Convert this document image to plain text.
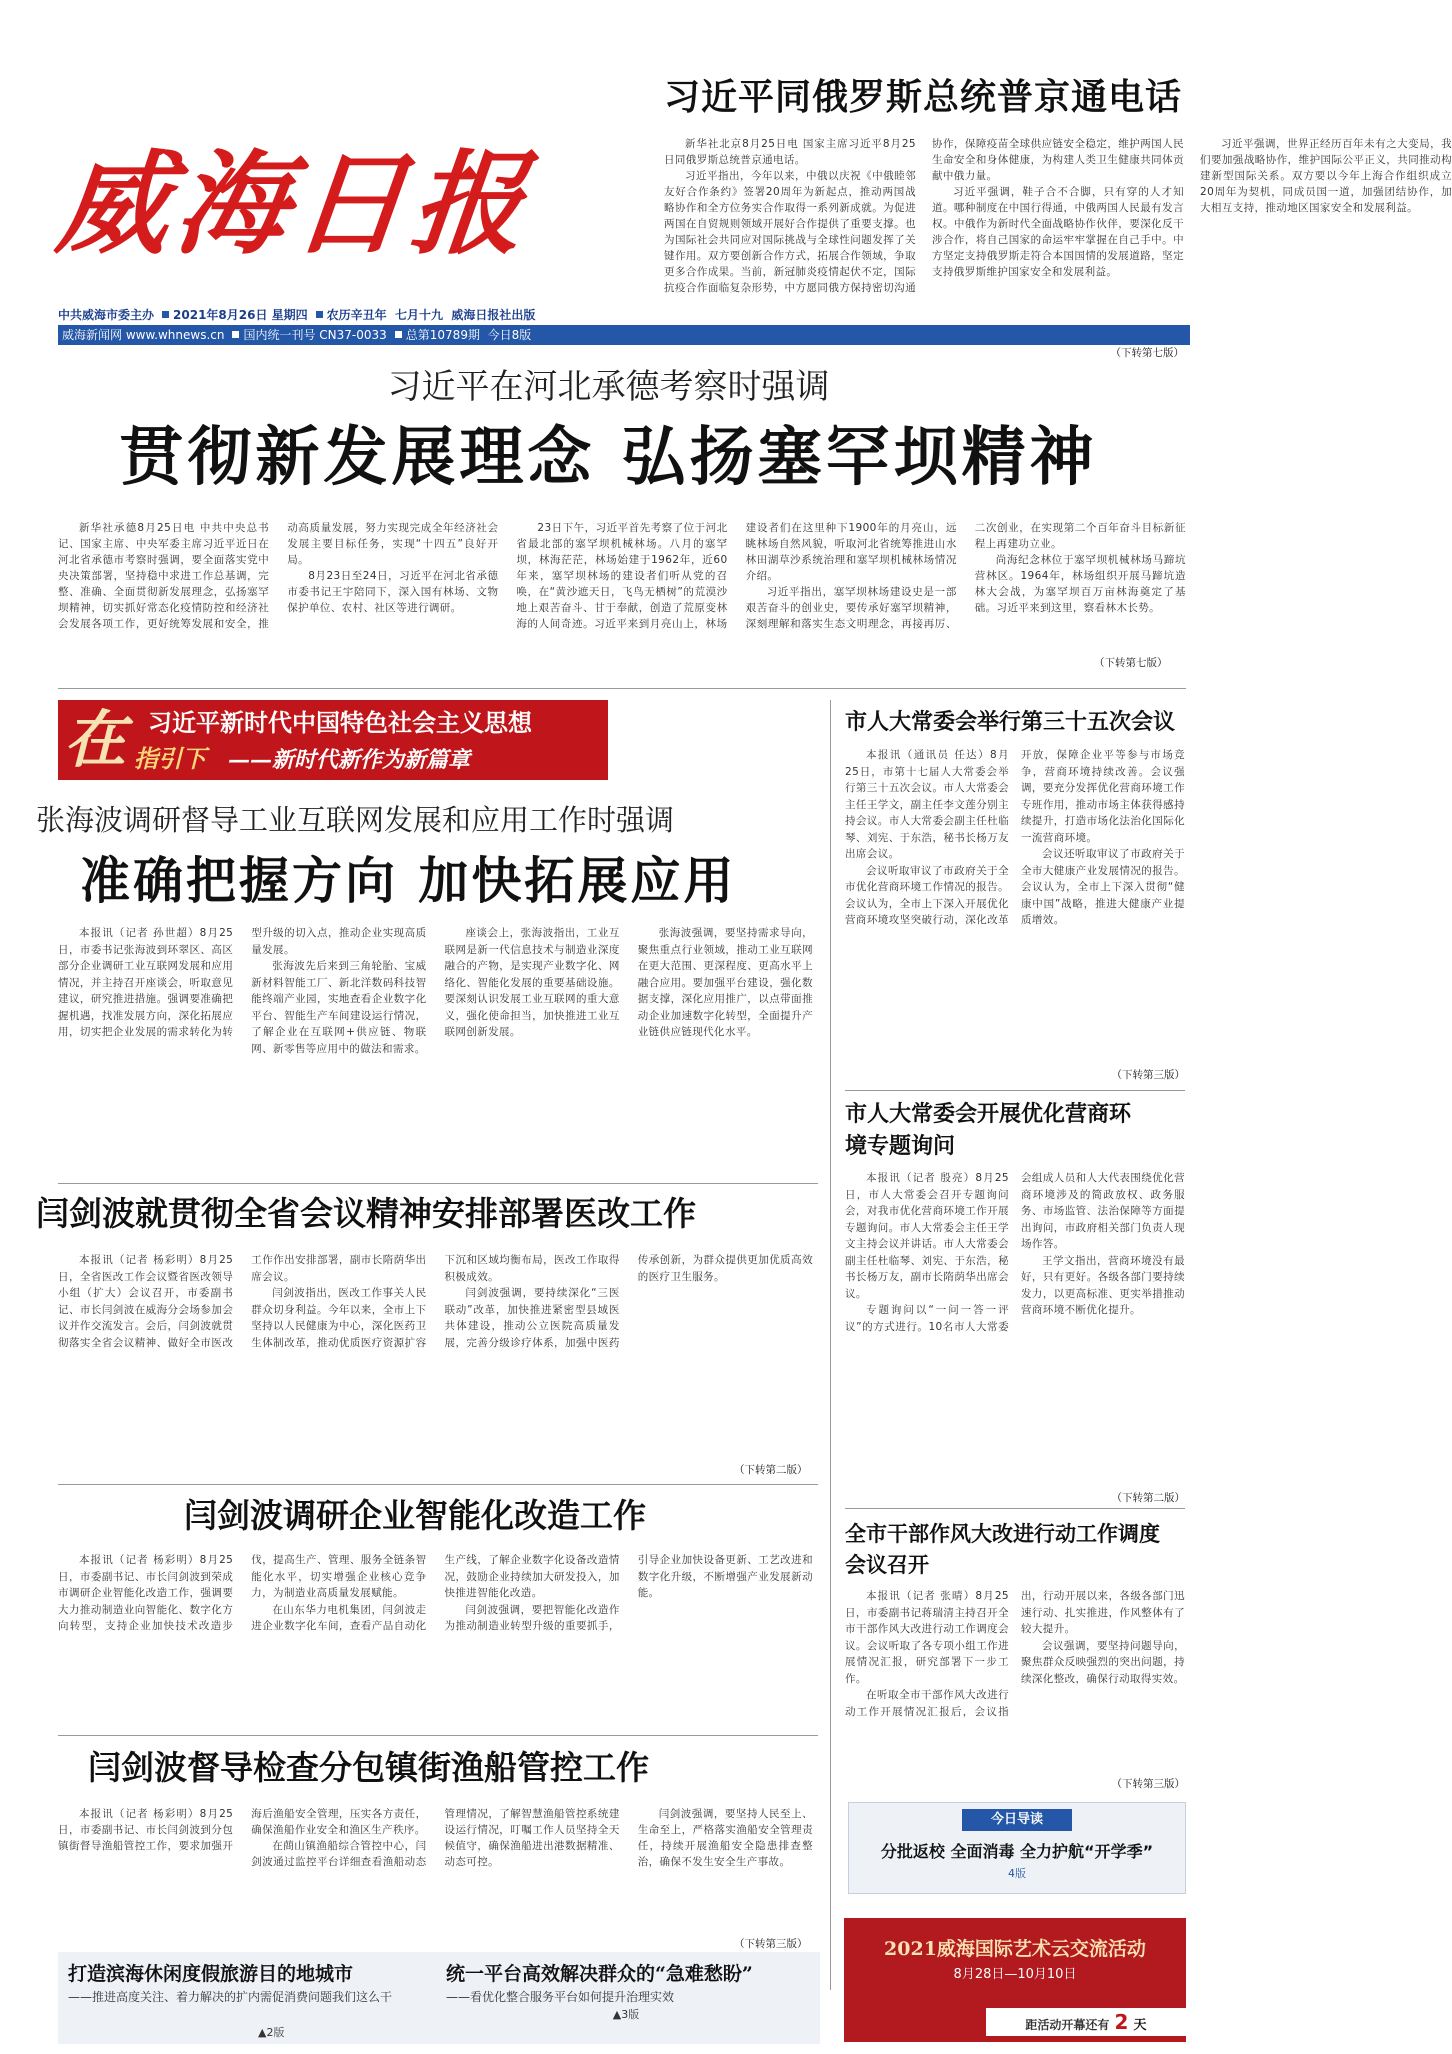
威海日报
习近平同俄罗斯总统普京通电话

新华社北京8月25日电 国家主席习近平8月25日同俄罗斯总统普京通电话。

习近平指出，今年以来，中俄以庆祝《中俄睦邻友好合作条约》签署20周年为新起点，推动两国战略协作和全方位务实合作取得一系列新成就。为促进两国在自贸规则领域开展好合作提供了重要支撑。也为国际社会共同应对国际挑战与全球性问题发挥了关键作用。双方要创新合作方式，拓展合作领域，争取更多合作成果。当前，新冠肺炎疫情起伏不定，国际抗疫合作面临复杂形势，中方愿同俄方保持密切沟通协作，保障疫苗全球供应链安全稳定，维护两国人民生命安全和身体健康，为构建人类卫生健康共同体贡献中俄力量。

习近平强调，鞋子合不合脚，只有穿的人才知道。哪种制度在中国行得通，中俄两国人民最有发言权。中俄作为新时代全面战略协作伙伴，要深化反干涉合作，将自己国家的命运牢牢掌握在自己手中。中方坚定支持俄罗斯走符合本国国情的发展道路，坚定支持俄罗斯维护国家安全和发展利益。

习近平强调，世界正经历百年未有之大变局，我们要加强战略协作，维护国际公平正义，共同推动构建新型国际关系。双方要以今年上海合作组织成立20周年为契机，同成员国一道，加强团结协作，加大相互支持，推动地区国家安全和发展利益。

（下转第七版）
中共威海市委主办 2021年8月26日 星期四 农历辛丑年 七月十九 威海日报社出版
威海新闻网 www.whnews.cn 国内统一刊号 CN37-0033 总第10789期 今日8版
习近平在河北承德考察时强调
贯彻新发展理念 弘扬塞罕坝精神

新华社承德8月25日电 中共中央总书记、国家主席、中央军委主席习近平近日在河北省承德市考察时强调，要全面落实党中央决策部署，坚持稳中求进工作总基调，完整、准确、全面贯彻新发展理念，弘扬塞罕坝精神，切实抓好常态化疫情防控和经济社会发展各项工作，更好统筹发展和安全，推动高质量发展，努力实现完成全年经济社会发展主要目标任务，实现“十四五”良好开局。

8月23日至24日，习近平在河北省承德市委书记王宇陪同下，深入国有林场、文物保护单位、农村、社区等进行调研。

23日下午，习近平首先考察了位于河北省最北部的塞罕坝机械林场。八月的塞罕坝，林海茫茫，林场始建于1962年，近60年来，塞罕坝林场的建设者们听从党的召唤，在“黄沙遮天日，飞鸟无栖树”的荒漠沙地上艰苦奋斗、甘于奉献，创造了荒原变林海的人间奇迹。习近平来到月亮山上，林场建设者们在这里种下1900年的月亮山，远眺林场自然风貌，听取河北省统筹推进山水林田湖草沙系统治理和塞罕坝机械林场情况介绍。

习近平指出，塞罕坝林场建设史是一部艰苦奋斗的创业史，要传承好塞罕坝精神，深刻理解和落实生态文明理念，再接再厉、二次创业，在实现第二个百年奋斗目标新征程上再建功立业。

尚海纪念林位于塞罕坝机械林场马蹄坑营林区。1964年，林场组织开展马蹄坑造林大会战，为塞罕坝百万亩林海奠定了基础。习近平来到这里，察看林木长势。

（下转第七版）
在 习近平新时代中国特色社会主义思想
指引下 ——新时代新作为新篇章
张海波调研督导工业互联网发展和应用工作时强调
准确把握方向 加快拓展应用

本报讯（记者 孙世超）8月25日，市委书记张海波到环翠区、高区部分企业调研工业互联网发展和应用情况，并主持召开座谈会，听取意见建议，研究推进措施。强调要准确把握机遇，找准发展方向，深化拓展应用，切实把企业发展的需求转化为转型升级的切入点，推动企业实现高质量发展。

张海波先后来到三角轮胎、宝威新材料智能工厂、新北洋数码科技智能终端产业园，实地查看企业数字化平台、智能生产车间建设运行情况，了解企业在互联网+供应链、物联网、新零售等应用中的做法和需求。

座谈会上，张海波指出，工业互联网是新一代信息技术与制造业深度融合的产物，是实现产业数字化、网络化、智能化发展的重要基础设施。要深刻认识发展工业互联网的重大意义，强化使命担当，加快推进工业互联网创新发展。

张海波强调，要坚持需求导向，聚焦重点行业领域，推动工业互联网在更大范围、更深程度、更高水平上融合应用。要加强平台建设，强化数据支撑，深化应用推广，以点带面推动企业加速数字化转型，全面提升产业链供应链现代化水平。

市人大常委会举行第三十五次会议

本报讯（通讯员 任达）8月25日，市第十七届人大常委会举行第三十五次会议。市人大常委会主任王学文，副主任李文莲分别主持会议。市人大常委会副主任杜临琴、刘宪、于东浩，秘书长杨万友出席会议。

会议听取审议了市政府关于全市优化营商环境工作情况的报告。会议认为，全市上下深入开展优化营商环境攻坚突破行动，深化改革开放，保障企业平等参与市场竞争，营商环境持续改善。会议强调，要充分发挥优化营商环境工作专班作用，推动市场主体获得感持续提升，打造市场化法治化国际化一流营商环境。

会议还听取审议了市政府关于全市大健康产业发展情况的报告。会议认为，全市上下深入贯彻“健康中国”战略，推进大健康产业提质增效。

（下转第三版）
市人大常委会开展优化营商环境专题询问

本报讯（记者 殷亮）8月25日，市人大常委会召开专题询问会，对我市优化营商环境工作开展专题询问。市人大常委会主任王学文主持会议并讲话。市人大常委会副主任杜临琴、刘宪、于东浩，秘书长杨万友，副市长隋荫华出席会议。

专题询问以“一问一答一评议”的方式进行。10名市人大常委会组成人员和人大代表围绕优化营商环境涉及的简政放权、政务服务、市场监管、法治保障等方面提出询问，市政府相关部门负责人现场作答。

王学文指出，营商环境没有最好，只有更好。各级各部门要持续发力，以更高标准、更实举措推动营商环境不断优化提升。

（下转第二版）
全市干部作风大改进行动工作调度会议召开

本报讯（记者 张晴）8月25日，市委副书记蒋瑞清主持召开全市干部作风大改进行动工作调度会议。会议听取了各专项小组工作进展情况汇报，研究部署下一步工作。

在听取全市干部作风大改进行动工作开展情况汇报后，会议指出，行动开展以来，各级各部门迅速行动、扎实推进，作风整体有了较大提升。

会议强调，要坚持问题导向，聚焦群众反映强烈的突出问题，持续深化整改，确保行动取得实效。

（下转第三版）
今日导读
分批返校 全面消毒 全力护航“开学季”
4版
2021威海国际艺术云交流活动
8月28日—10月10日
距活动开幕还有 2 天
闫剑波就贯彻全省会议精神安排部署医改工作

本报讯（记者 杨彩明）8月25日，全省医改工作会议暨省医改领导小组（扩大）会议召开，市委副书记、市长闫剑波在威海分会场参加会议并作交流发言。会后，闫剑波就贯彻落实全省会议精神、做好全市医改工作作出安排部署，副市长隋荫华出席会议。

闫剑波指出，医改工作事关人民群众切身利益。今年以来，全市上下坚持以人民健康为中心，深化医药卫生体制改革，推动优质医疗资源扩容下沉和区域均衡布局，医改工作取得积极成效。

闫剑波强调，要持续深化“三医联动”改革，加快推进紧密型县域医共体建设，推动公立医院高质量发展，完善分级诊疗体系，加强中医药传承创新，为群众提供更加优质高效的医疗卫生服务。

（下转第二版）
闫剑波调研企业智能化改造工作

本报讯（记者 杨彩明）8月25日，市委副书记、市长闫剑波到荣成市调研企业智能化改造工作，强调要大力推动制造业向智能化、数字化方向转型，支持企业加快技术改造步伐，提高生产、管理、服务全链条智能化水平，切实增强企业核心竞争力，为制造业高质量发展赋能。

在山东华力电机集团，闫剑波走进企业数字化车间，查看产品自动化生产线，了解企业数字化设备改造情况，鼓励企业持续加大研发投入，加快推进智能化改造。

闫剑波强调，要把智能化改造作为推动制造业转型升级的重要抓手，引导企业加快设备更新、工艺改进和数字化升级，不断增强产业发展新动能。

闫剑波督导检查分包镇街渔船管控工作

本报讯（记者 杨彩明）8月25日，市委副书记、市长闫剑波到分包镇街督导渔船管控工作，要求加强开海后渔船安全管理，压实各方责任，确保渔船作业安全和渔区生产秩序。

在蔄山镇渔船综合管控中心，闫剑波通过监控平台详细查看渔船动态管理情况，了解智慧渔船管控系统建设运行情况，叮嘱工作人员坚持全天候值守，确保渔船进出港数据精准、动态可控。

闫剑波强调，要坚持人民至上、生命至上，严格落实渔船安全管理责任，持续开展渔船安全隐患排查整治，确保不发生安全生产事故。

（下转第三版）
打造滨海休闲度假旅游目的地城市
——推进高度关注、着力解决的扩内需促消费问题我们这么干
▲2版
统一平台高效解决群众的“急难愁盼”
——看优化整合服务平台如何提升治理实效
▲3版
